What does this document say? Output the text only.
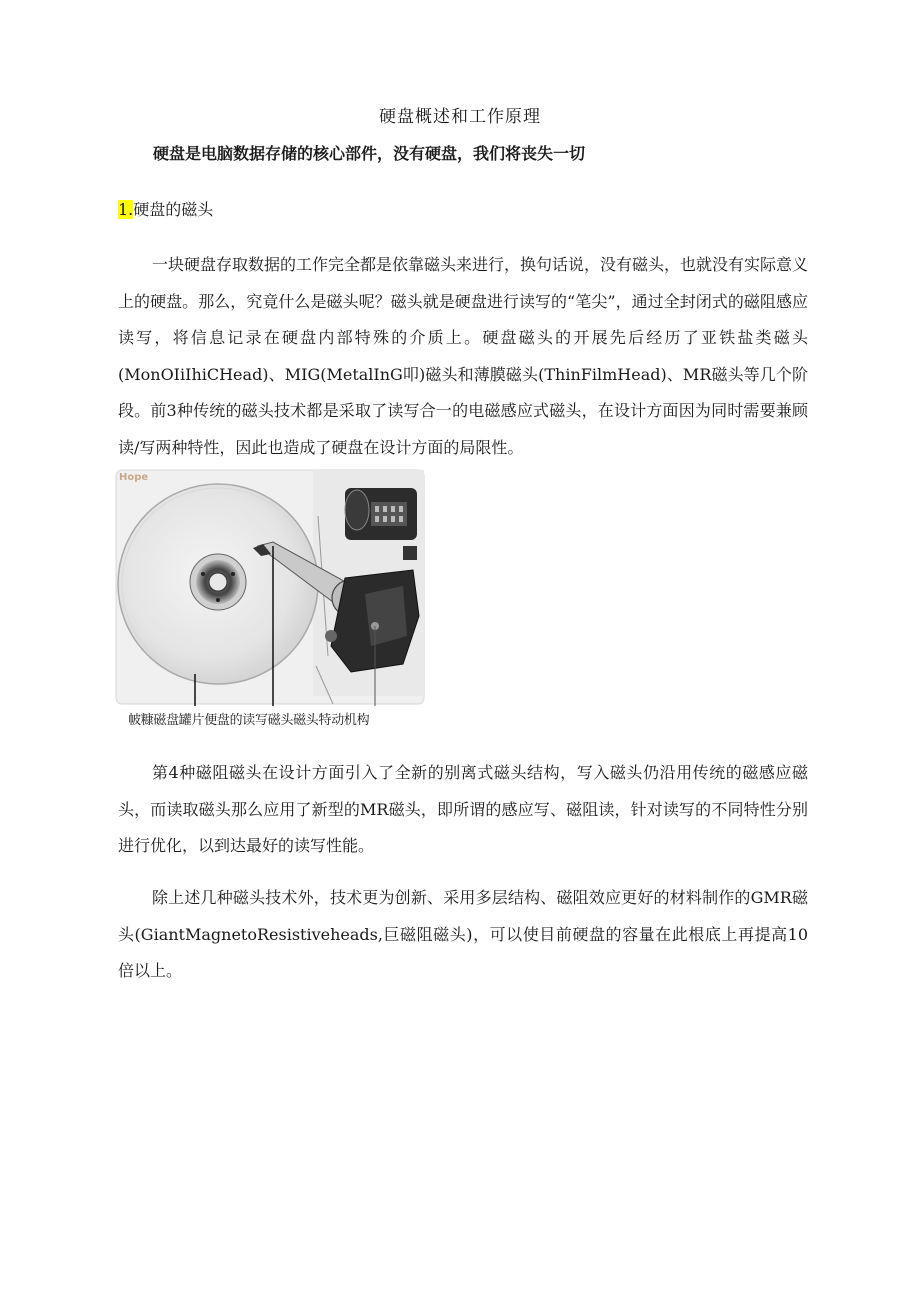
硬盘概述和工作原理
硬盘是电脑数据存储的核心部件，没有硬盘，我们将丧失一切
1.硬盘的磁头
一块硬盘存取数据的工作完全都是依靠磁头来进行，换句话说，没有磁头，也就没有实际意义上的硬盘。那么，究竟什么是磁头呢？磁头就是硬盘进行读写的“笔尖”，通过全封闭式的磁阻感应读写，将信息记录在硬盘内部特殊的介质上。硬盘磁头的开展先后经历了亚铁盐类磁头(MonOIiIhiCHead)、MIG(MetalInG叩)磁头和薄膜磁头(ThinFilmHead)、MR磁头等几个阶段。前3种传统的磁头技术都是采取了读写合一的电磁感应式磁头，在设计方面因为同时需要兼顾读/写两种特性，因此也造成了硬盘在设计方面的局限性。
Hope
帔糠磁盘罐片便盘的读写磁头磁头特动机构
第4种磁阻磁头在设计方面引入了全新的别离式磁头结构，写入磁头仍沿用传统的磁感应磁头，而读取磁头那么应用了新型的MR磁头，即所谓的感应写、磁阻读，针对读写的不同特性分别进行优化，以到达最好的读写性能。
除上述几种磁头技术外，技术更为创新、采用多层结构、磁阻效应更好的材料制作的GMR磁头(GiantMagnetoResistiveheads,巨磁阻磁头)，可以使目前硬盘的容量在此根底上再提高10倍以上。
